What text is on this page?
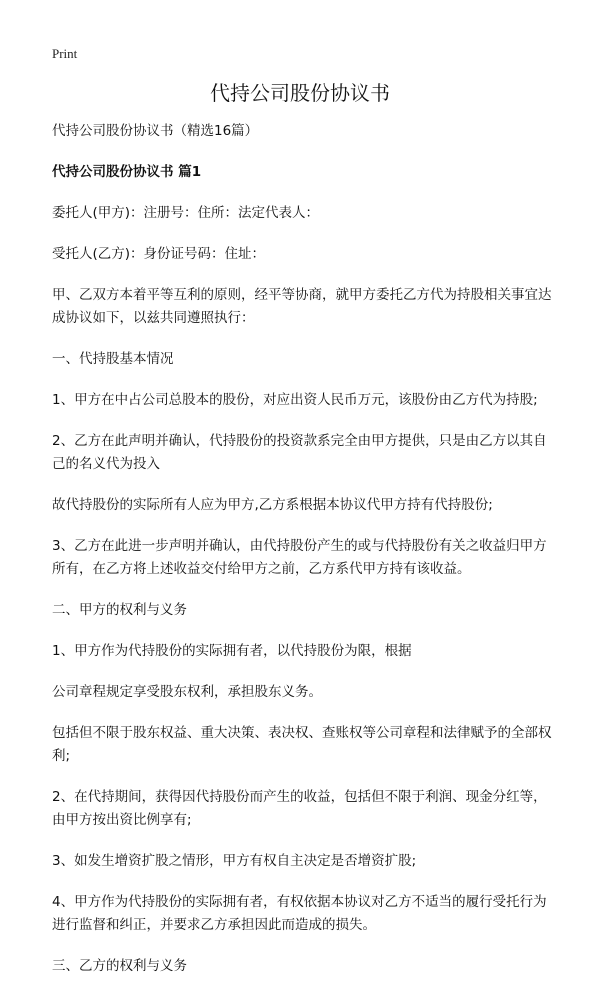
Print
代持公司股份协议书

代持公司股份协议书（精选16篇）

代持公司股份协议书 篇1

委托人(甲方)：注册号：住所：法定代表人：

受托人(乙方)：身份证号码：住址：

甲、乙双方本着平等互利的原则，经平等协商，就甲方委托乙方代为持股相关事宜达成协议如下，以兹共同遵照执行：

一、代持股基本情况

1、甲方在中占公司总股本的股份，对应出资人民币万元，该股份由乙方代为持股;

2、乙方在此声明并确认，代持股份的投资款系完全由甲方提供，只是由乙方以其自己的名义代为投入

故代持股份的实际所有人应为甲方,乙方系根据本协议代甲方持有代持股份;

3、乙方在此进一步声明并确认，由代持股份产生的或与代持股份有关之收益归甲方所有，在乙方将上述收益交付给甲方之前，乙方系代甲方持有该收益。

二、甲方的权利与义务

1、甲方作为代持股份的实际拥有者，以代持股份为限，根据

公司章程规定享受股东权利，承担股东义务。

包括但不限于股东权益、重大决策、表决权、查账权等公司章程和法律赋予的全部权利;

2、在代持期间，获得因代持股份而产生的收益，包括但不限于利润、现金分红等，由甲方按出资比例享有;

3、如发生增资扩股之情形，甲方有权自主决定是否增资扩股;

4、甲方作为代持股份的实际拥有者，有权依据本协议对乙方不适当的履行受托行为进行监督和纠正，并要求乙方承担因此而造成的损失。

三、乙方的权利与义务
